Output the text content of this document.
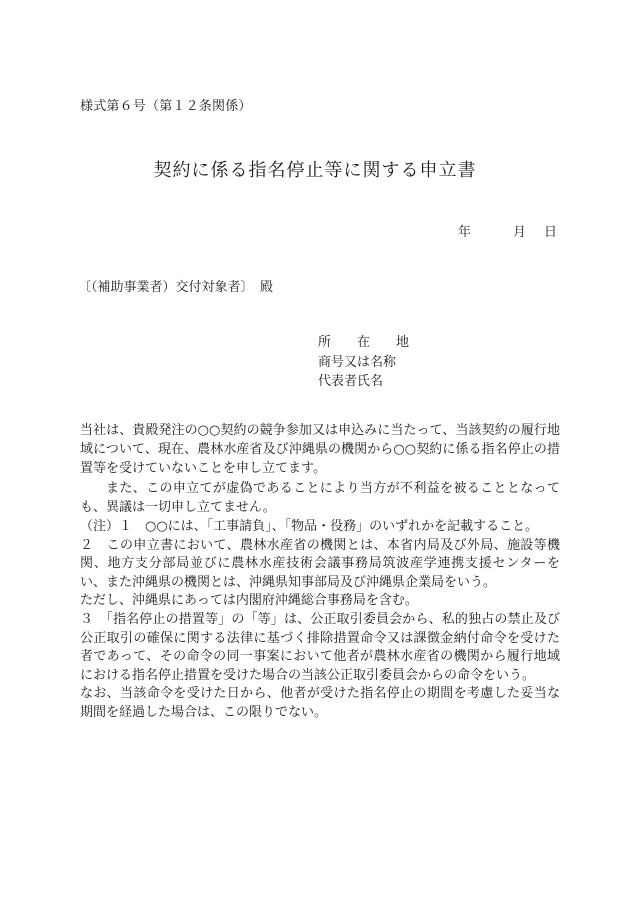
様式第６号（第１２条関係）
契約に係る指名停止等に関する申立書
年	月	日
〔（補助事業者）交付対象者〕　殿
所　　在　　地
商号又は名称
代表者氏名

当社は、貴殿発注の○○契約の競争参加又は申込みに当たって、当該契約の履行地域について、現在、農林水産省及び沖縄県の機関から○○契約に係る指名停止の措置等を受けていないことを申し立てます。

また、この申立てが虚偽であることにより当方が不利益を被ることとなっても、異議は一切申し立てません。

（注）１　○○には、「工事請負」、「物品・役務」のいずれかを記載すること。

２　この申立書において、農林水産省の機関とは、本省内局及び外局、施設等機関、地方支分部局並びに農林水産技術会議事務局筑波産学連携支援センターをい、また沖縄県の機関とは、沖縄県知事部局及び沖縄県企業局をいう。

ただし、沖縄県にあっては内閣府沖縄総合事務局を含む。

３　「指名停止の措置等」の「等」は、公正取引委員会から、私的独占の禁止及び公正取引の確保に関する法律に基づく排除措置命令又は課徴金納付命令を受けた者であって、その命令の同一事案において他者が農林水産省の機関から履行地域における指名停止措置を受けた場合の当該公正取引委員会からの命令をいう。

なお、当該命令を受けた日から、他者が受けた指名停止の期間を考慮した妥当な期間を経過した場合は、この限りでない。
